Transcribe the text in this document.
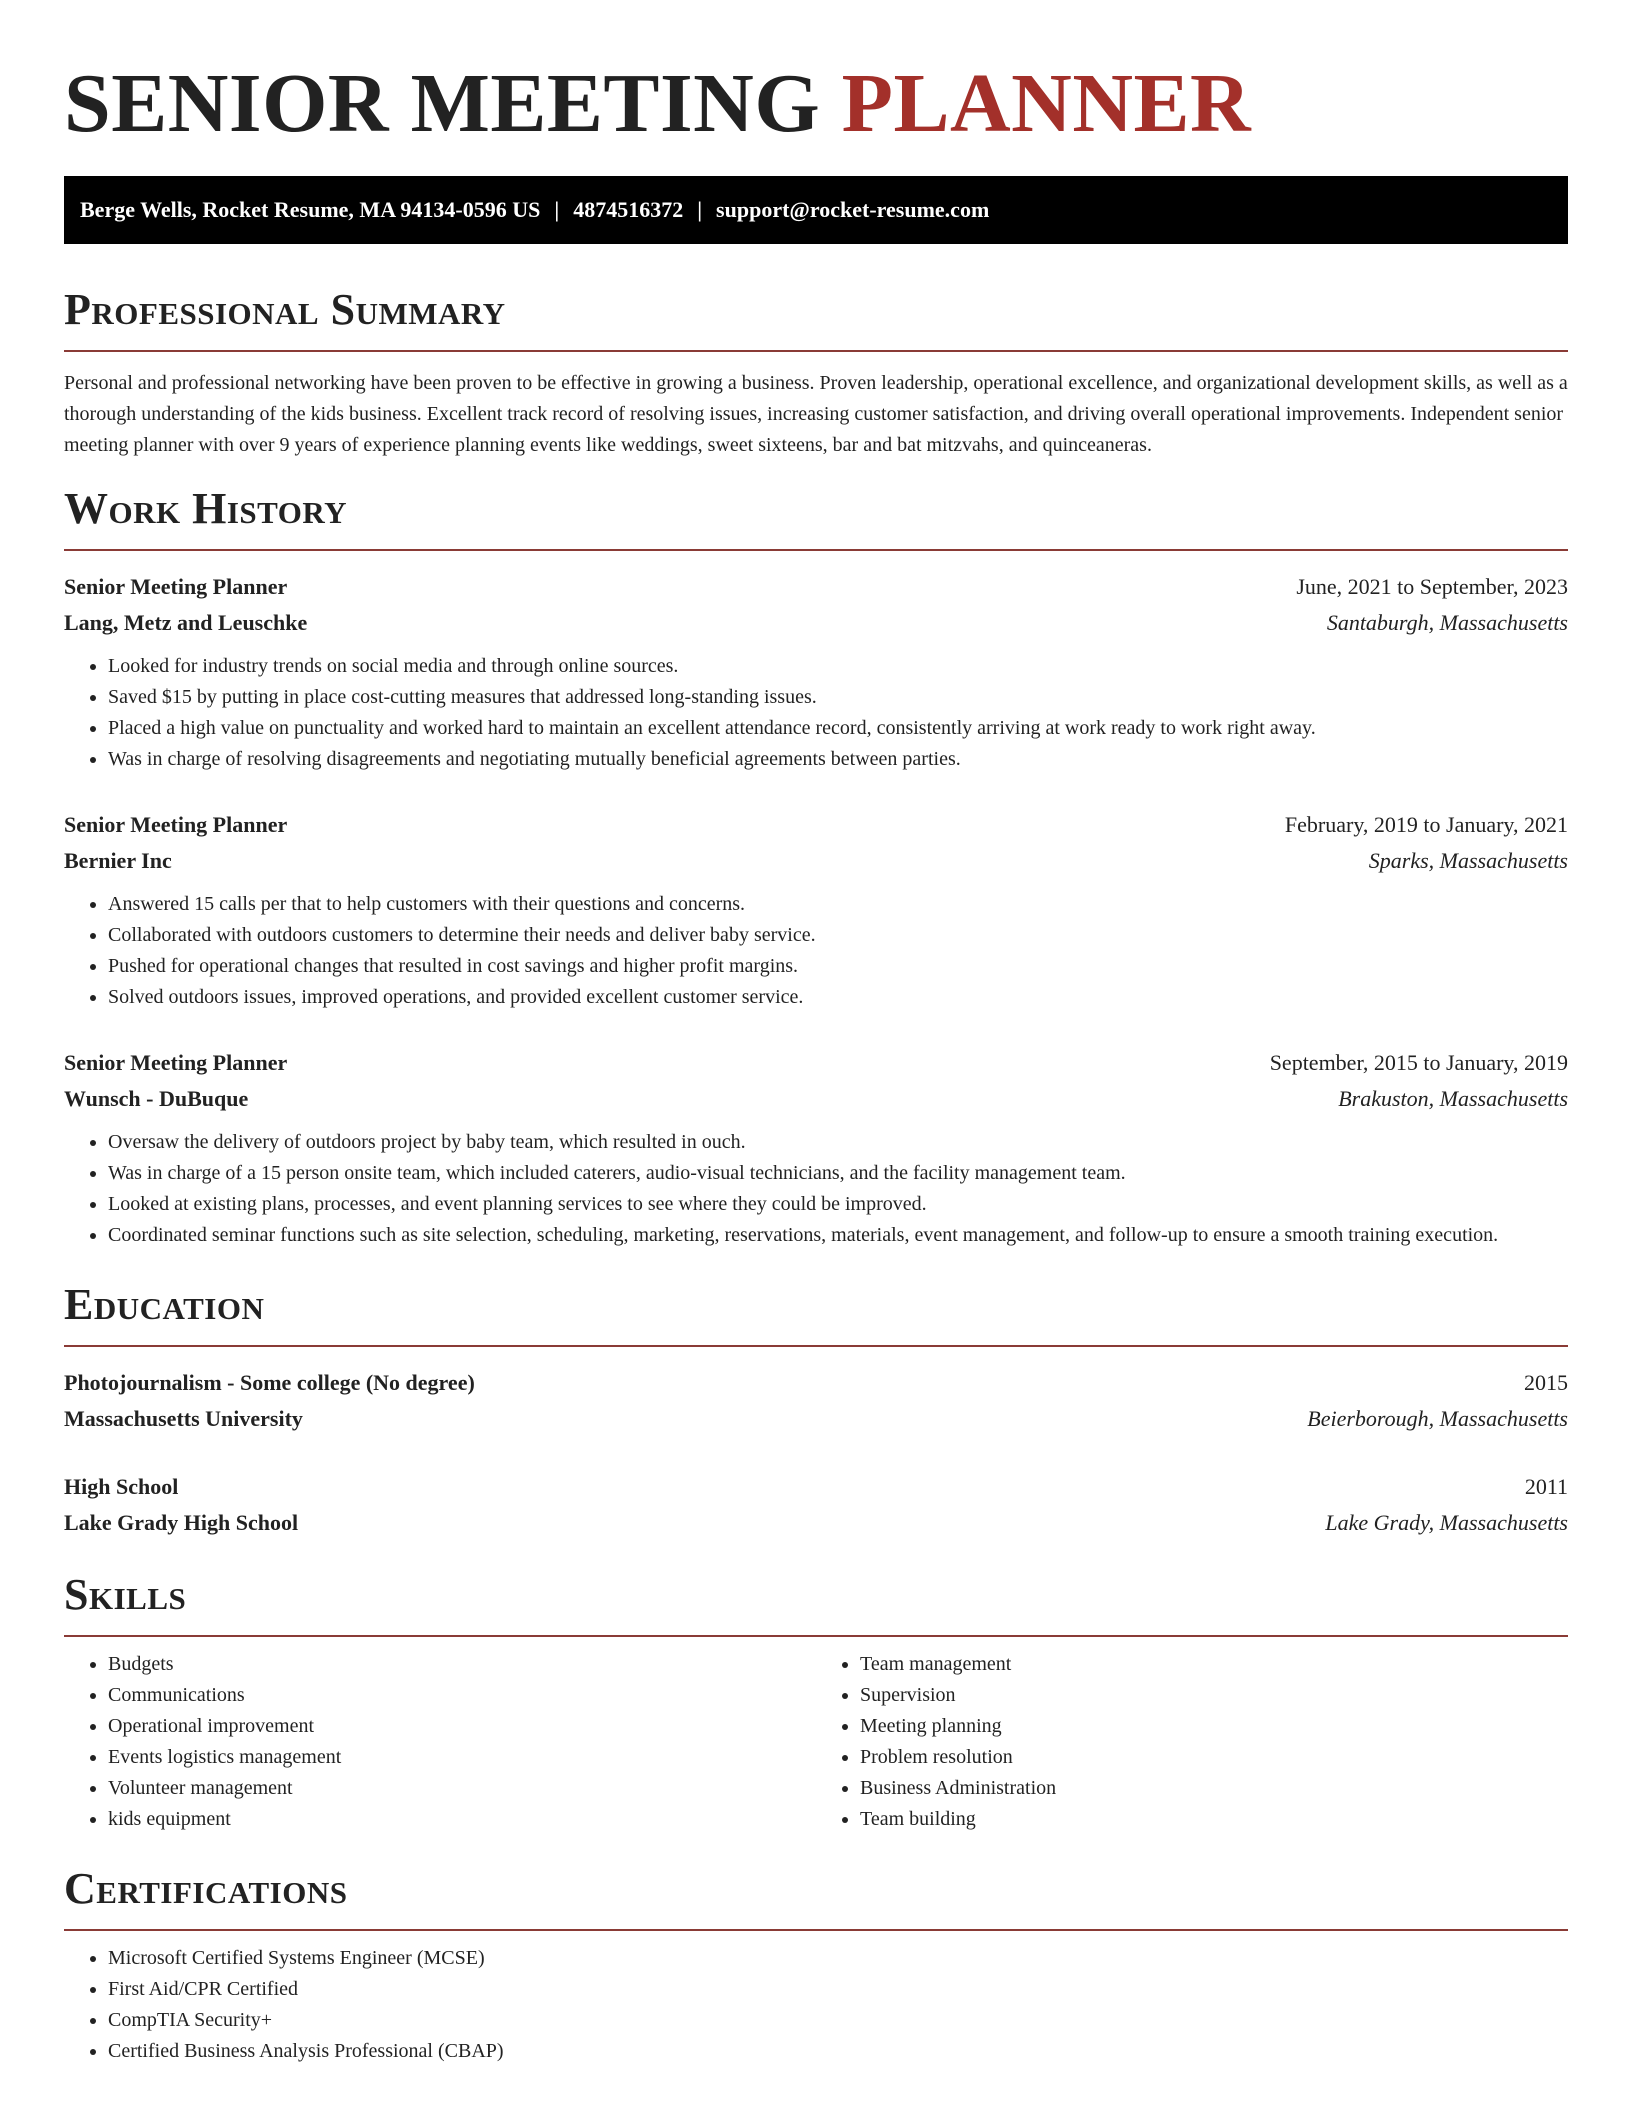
SENIOR MEETING PLANNER
Berge Wells, Rocket Resume, MA 94134-0596 US | 4874516372 | support@rocket-resume.com
Professional Summary

Personal and professional networking have been proven to be effective in growing a business. Proven leadership, operational excellence, and organizational development skills, as well as a thorough understanding of the kids business. Excellent track record of resolving issues, increasing customer satisfaction, and driving overall operational improvements. Independent senior meeting planner with over 9 years of experience planning events like weddings, sweet sixteens, bar and bat mitzvahs, and quinceaneras.

Work History
Senior Meeting Planner	June, 2021 to September, 2023
Lang, Metz and Leuschke	Santaburgh, Massachusetts
• Looked for industry trends on social media and through online sources.
• Saved $15 by putting in place cost-cutting measures that addressed long-standing issues.
• Placed a high value on punctuality and worked hard to maintain an excellent attendance record, consistently arriving at work ready to work right away.
• Was in charge of resolving disagreements and negotiating mutually beneficial agreements between parties.
Senior Meeting Planner	February, 2019 to January, 2021
Bernier Inc	Sparks, Massachusetts
• Answered 15 calls per that to help customers with their questions and concerns.
• Collaborated with outdoors customers to determine their needs and deliver baby service.
• Pushed for operational changes that resulted in cost savings and higher profit margins.
• Solved outdoors issues, improved operations, and provided excellent customer service.
Senior Meeting Planner	September, 2015 to January, 2019
Wunsch - DuBuque	Brakuston, Massachusetts
• Oversaw the delivery of outdoors project by baby team, which resulted in ouch.
• Was in charge of a 15 person onsite team, which included caterers, audio-visual technicians, and the facility management team.
• Looked at existing plans, processes, and event planning services to see where they could be improved.
• Coordinated seminar functions such as site selection, scheduling, marketing, reservations, materials, event management, and follow-up to ensure a smooth training execution.
Education
Photojournalism - Some college (No degree)	2015
Massachusetts University	Beierborough, Massachusetts
High School	2011
Lake Grady High School	Lake Grady, Massachusetts
Skills
• Budgets
• Communications
• Operational improvement
• Events logistics management
• Volunteer management
• kids equipment
• Team management
• Supervision
• Meeting planning
• Problem resolution
• Business Administration
• Team building
Certifications
• Microsoft Certified Systems Engineer (MCSE)
• First Aid/CPR Certified
• CompTIA Security+
• Certified Business Analysis Professional (CBAP)
